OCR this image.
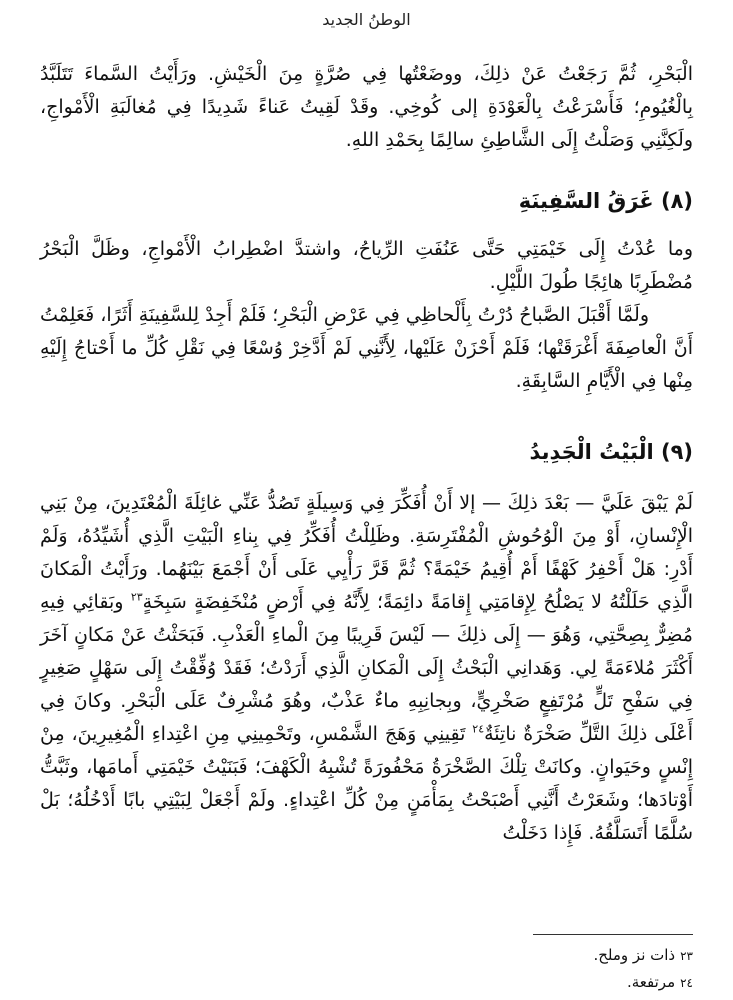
الوطنُ الجديد

الْبَحْرِ، ثُمَّ رَجَعْتُ عَنْ ذلِكَ، ووضَعْتُها فِي صُرَّةٍ مِنَ الْخَيْشِ. ورَأَيْتُ السَّماءَ تَتَلَبَّدُ بِالْغُيُومِ؛ فَأَسْرَعْتُ بِالْعَوْدَةِ إلى كُوخِي. وقَدْ لَقِيتُ عَناءً شَدِيدًا فِي مُغالَبَةِ الْأَمْواجِ، ولَكِنَّنِي وَصَلْتُ إِلَى الشَّاطِئِ سالِمًا بِحَمْدِ اللهِ.

(٨) غَرَقُ السَّفِينَةِ

وما عُدْتُ إِلَى خَيْمَتِي حَتَّى عَنُفَتِ الرِّياحُ، واشتدَّ اضْطِرابُ الْأَمْواجِ، وظَلَّ الْبَحْرُ مُضْطَرِبًا هائِجًا طُولَ اللَّيْلِ.

ولَمَّا أَقْبَلَ الصَّباحُ دُرْتُ بِأَلْحاظِي فِي عَرْضِ الْبَحْرِ؛ فَلَمْ أَجِدْ لِلسَّفِينَةِ أَثَرًا، فَعَلِمْتُ أَنَّ الْعاصِفَةَ أَغْرَقَتْها؛ فَلَمْ أَحْزَنْ عَلَيْها، لِأَنَّنِي لَمْ أَدَّخِرْ وُسْعًا فِي نَقْلِ كُلِّ ما أَحْتاجُ إِلَيْهِ مِنْها فِي الْأَيَّامِ السَّابِقَةِ.

(٩) الْبَيْتُ الْجَدِيدُ

لَمْ يَبْقَ عَلَيَّ — بَعْدَ ذلِكَ — إلا أَنْ أُفَكِّرَ فِي وَسِيلَةٍ تَصُدُّ عَنِّي غائِلَةَ الْمُعْتَدِينَ، مِنْ بَنِي الْإِنْسانِ، أَوْ مِنَ الْوُحُوشِ الْمُفْتَرِسَةِ. وظَلِلْتُ أُفَكِّرُ فِي بِناءِ الْبَيْتِ الَّذِي أُشَيِّدُهُ، وَلَمْ أَدْرِ: هَلْ أَحْفِرُ كَهْفًا أَمْ أُقِيمُ خَيْمَةً؟ ثُمَّ قَرَّ رَأْيِي عَلَى أَنْ أَجْمَعَ بَيْنَهُما. ورَأَيْتُ الْمَكانَ الَّذِي حَلَلْتُهُ لا يَصْلُحُ لِإِقامَتِي إِقامَةً دائِمَةً؛ لِأَنَّهُ فِي أَرْضٍ مُنْخَفِضَةٍ سَبِخَةٍ$^{٢٣}$ وبَقائِي فِيهِ مُضِرٌّ بِصِحَّتِي، وَهُوَ — إِلَى ذلِكَ — لَيْسَ قَرِيبًا مِنَ الْماءِ الْعَذْبِ. فَبَحَثْتُ عَنْ مَكانٍ آخَرَ أَكْثَرَ مُلاءَمَةً لِي. وَهَدانِي الْبَحْثُ إِلَى الْمَكانِ الَّذِي أَرَدْتُ؛ فَقَدْ وُفِّقْتُ إِلَى سَهْلٍ صَغِيرٍ فِي سَفْحِ تَلٍّ مُرْتَفِعٍ صَخْرِيٍّ، وبِجانِبِهِ ماءٌ عَذْبٌ، وهُوَ مُشْرِفٌ عَلَى الْبَحْرِ. وكانَ فِي أَعْلَى ذلِكَ التَّلِّ صَخْرَةٌ ناتِئَةٌ$^{٢٤}$ تَقِينِي وَهَجَ الشَّمْسِ، وتَحْمِينِي مِنِ اعْتِداءِ الْمُغِيرِينَ، مِنْ إِنْسٍ وحَيَوانٍ. وكانَتْ تِلْكَ الصَّخْرَةُ مَحْفُورَةً تُشْبِهُ الْكَهْفَ؛ فَبَنَيْتُ خَيْمَتِي أَمامَها، وثَبَّتُّ أَوْتادَها؛ وشَعَرْتُ أَنَّنِي أَصْبَحْتُ بِمَأْمَنٍ مِنْ كُلِّ اعْتِداءٍ. ولَمْ أَجْعَلْ لِبَيْتِي بابًا أَدْخُلُهُ؛ بَلْ سُلَّمًا أَتَسَلَّقُهُ. فَإِذا دَخَلْتُ

٢٣ذات نز وملح.

٢٤مرتفعة.
